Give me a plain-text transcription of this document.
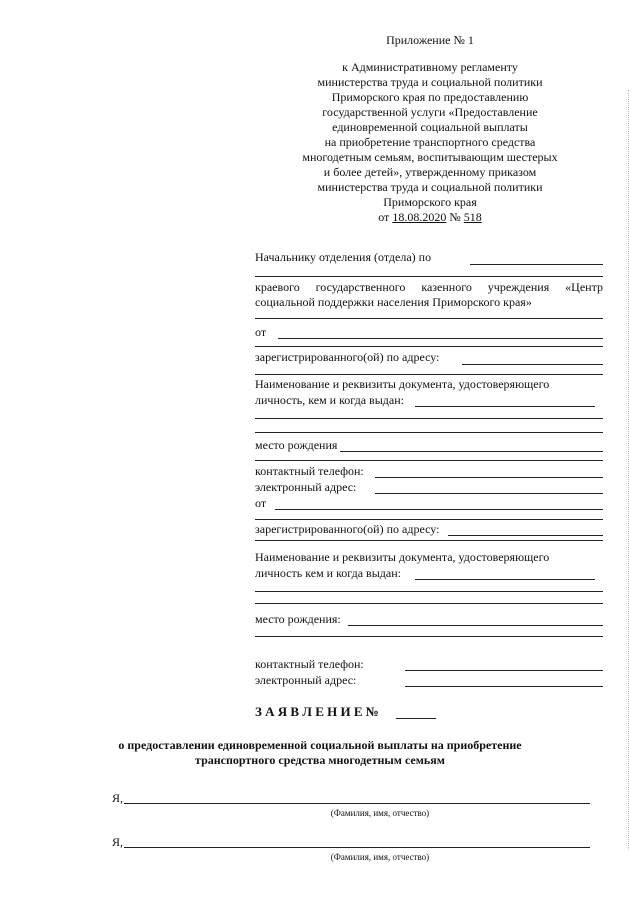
Приложение № 1
к Административному регламенту
министерства труда и социальной политики
Приморского края по предоставлению
государственной услуги «Предоставление
единовременной социальной выплаты
на приобретение транспортного средства
многодетным семьям, воспитывающим шестерых
и более детей», утвержденному приказом
министерства труда и социальной политики
Приморского края
от 18.08.2020 № 518
Начальнику отделения (отдела) по
краевого государственного казенного учреждения «Центр
социальной поддержки населения Приморского края»
от
зарегистрированного(ой) по адресу:
Наименование и реквизиты документа, удостоверяющего
личность, кем и когда выдан:
место рождения
контактный телефон:
электронный адрес:
от
зарегистрированного(ой) по адресу:
Наименование и реквизиты документа, удостоверяющего
личность кем и когда выдан:
место рождения:
контактный телефон:
электронный адрес:
З А Я В Л Е Н И Е №
о предоставлении единовременной социальной выплаты на приобретение
транспортного средства многодетным семьям
Я,
(Фамилия, имя, отчество)
Я,
(Фамилия, имя, отчество)
